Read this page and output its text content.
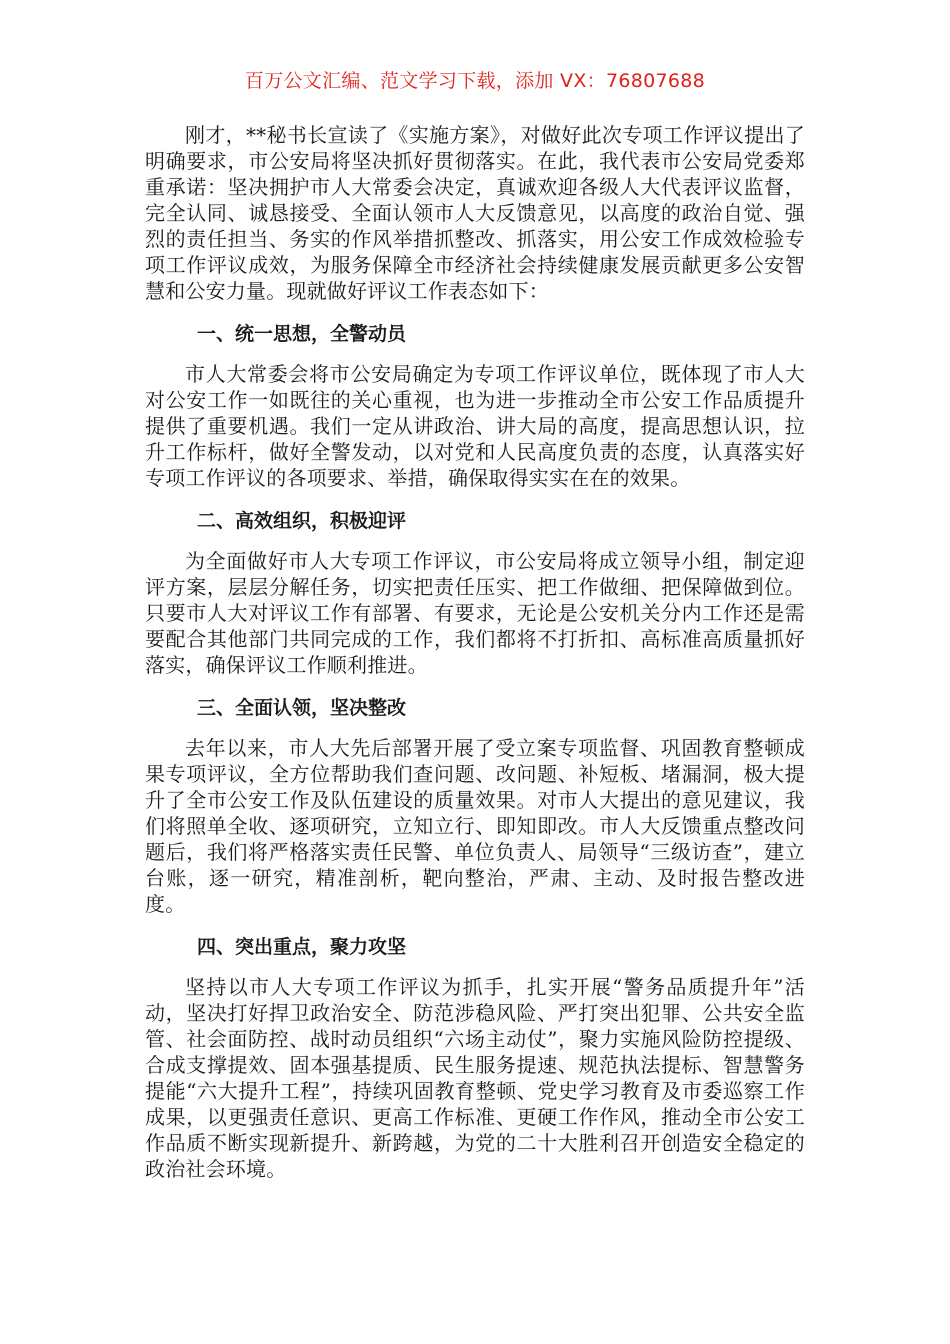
百万公文汇编、范文学习下载，添加 VX：76807688

刚才，**秘书长宣读了《实施方案》，对做好此次专项工作评议提出了明确要求，市公安局将坚决抓好贯彻落实。在此，我代表市公安局党委郑重承诺：坚决拥护市人大常委会决定，真诚欢迎各级人大代表评议监督，完全认同、诚恳接受、全面认领市人大反馈意见，以高度的政治自觉、强烈的责任担当、务实的作风举措抓整改、抓落实，用公安工作成效检验专项工作评议成效，为服务保障全市经济社会持续健康发展贡献更多公安智慧和公安力量。现就做好评议工作表态如下：

一、统一思想，全警动员

市人大常委会将市公安局确定为专项工作评议单位，既体现了市人大对公安工作一如既往的关心重视，也为进一步推动全市公安工作品质提升提供了重要机遇。我们一定从讲政治、讲大局的高度，提高思想认识，拉升工作标杆，做好全警发动，以对党和人民高度负责的态度，认真落实好专项工作评议的各项要求、举措，确保取得实实在在的效果。

二、高效组织，积极迎评

为全面做好市人大专项工作评议，市公安局将成立领导小组，制定迎评方案，层层分解任务，切实把责任压实、把工作做细、把保障做到位。只要市人大对评议工作有部署、有要求，无论是公安机关分内工作还是需要配合其他部门共同完成的工作，我们都将不打折扣、高标准高质量抓好落实，确保评议工作顺利推进。

三、全面认领，坚决整改

去年以来，市人大先后部署开展了受立案专项监督、巩固教育整顿成果专项评议，全方位帮助我们查问题、改问题、补短板、堵漏洞，极大提升了全市公安工作及队伍建设的质量效果。对市人大提出的意见建议，我们将照单全收、逐项研究，立知立行、即知即改。市人大反馈重点整改问题后，我们将严格落实责任民警、单位负责人、局领导“三级访查”，建立台账，逐一研究，精准剖析，靶向整治，严肃、主动、及时报告整改进度。

四、突出重点，聚力攻坚

坚持以市人大专项工作评议为抓手，扎实开展“警务品质提升年”活动，坚决打好捍卫政治安全、防范涉稳风险、严打突出犯罪、公共安全监管、社会面防控、战时动员组织“六场主动仗”，聚力实施风险防控提级、合成支撑提效、固本强基提质、民生服务提速、规范执法提标、智慧警务提能“六大提升工程”，持续巩固教育整顿、党史学习教育及市委巡察工作成果，以更强责任意识、更高工作标准、更硬工作作风，推动全市公安工作品质不断实现新提升、新跨越，为党的二十大胜利召开创造安全稳定的政治社会环境。
